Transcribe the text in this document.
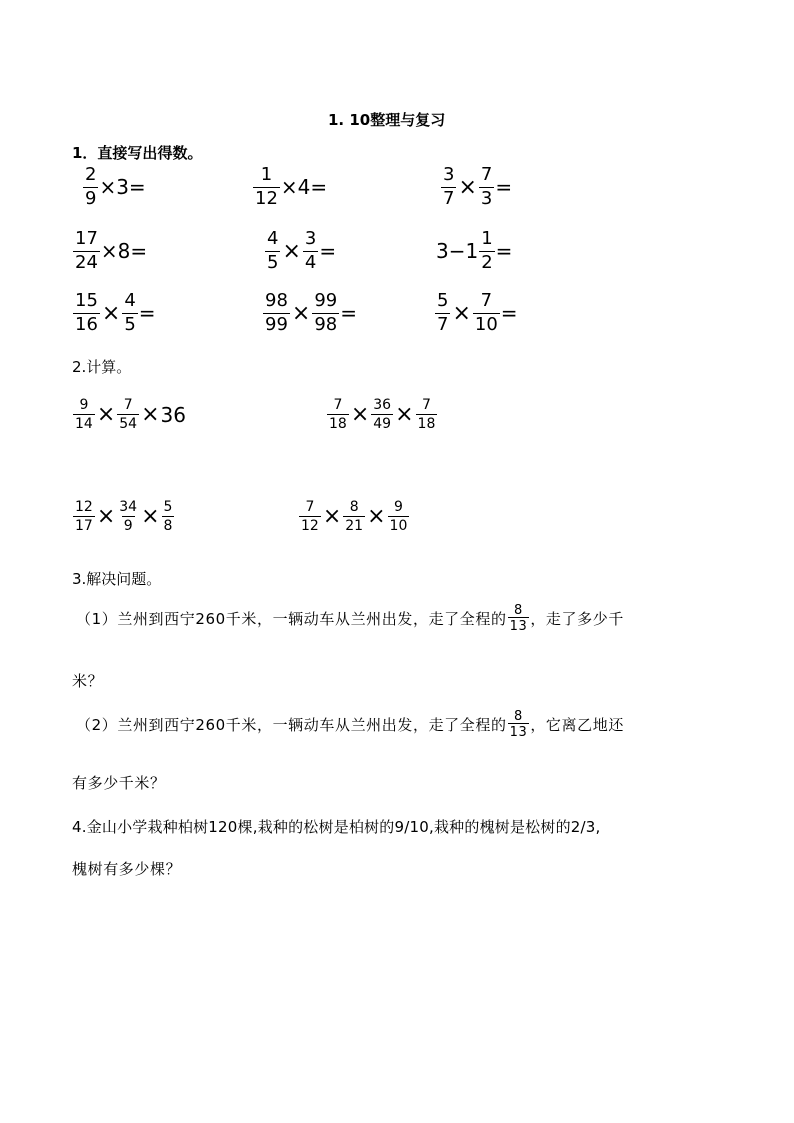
1. 10整理与复习
1．直接写出得数。
$\frac{2}{9} \times 3=$	$\frac{1}{12} \times 4=$	$\frac{3}{7} \times \frac{7}{3}$ =
$\frac{17}{24} \times 8=$	$\frac{4}{5} \times \frac{3}{4}$ =	$3-1 \frac{1}{2}$ =
$\frac{15}{16} \times \frac{4}{5}$ =	$\frac{98}{99} \times \frac{99}{98}$ =	$\frac{5}{7} \times \frac{7}{10}$ =
2.计算。
$\frac{9}{14} \times \frac{7}{54} \times 36$	$\frac{7}{18} \times \frac{36}{49} \times \frac{7}{18}$
$\frac{12}{17} \times \frac{34}{9} \times \frac{5}{8}$	$\frac{7}{12} \times \frac{8}{21} \times \frac{9}{10}$
3.解决问题。
（1）兰州到西宁260千米，一辆动车从兰州出发，走了全程的 $\frac{8}{13}$ ，走了多少千
米？
（2）兰州到西宁260千米，一辆动车从兰州出发，走了全程的 $\frac{8}{13}$ ，它离乙地还
有多少千米？
4.金山小学栽种柏树120棵,栽种的松树是柏树的9/10,栽种的槐树是松树的2/3,
槐树有多少棵？
